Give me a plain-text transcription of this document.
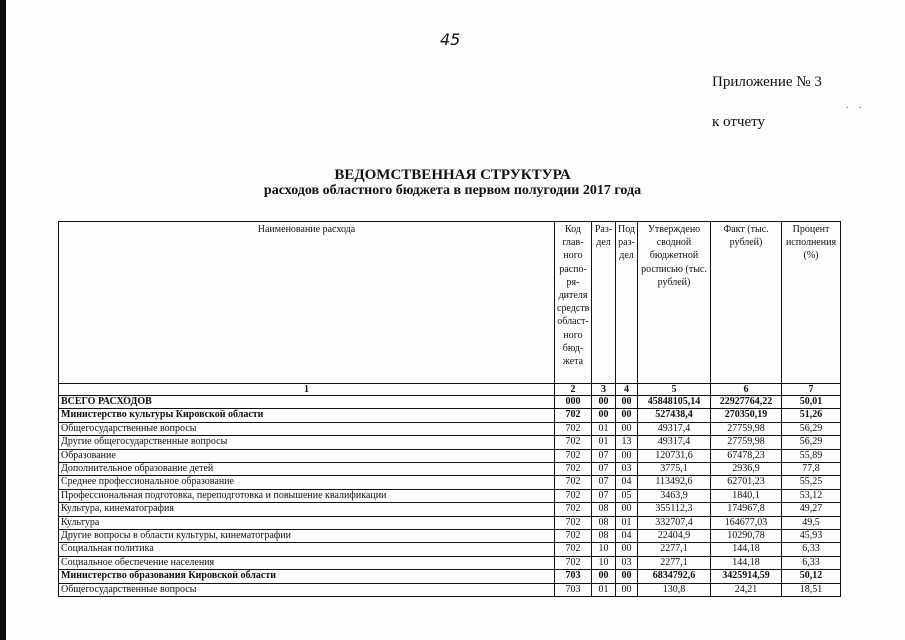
45
Приложение № 3
. .
к отчету
ВЕДОМСТВЕННАЯ СТРУКТУРА
расходов областного бюджета в первом полугодии 2017 года
Наименование расхода	Код глав- ного распо- ря- дителя средств област- ного бюд- жета	Раз- дел	Под раз- дел	Утверждено сводной бюджетной росписью (тыс. рублей)	Факт (тыс. рублей)	Процент исполнения (%)
1	2	3	4	5	6	7
ВСЕГО РАСХОДОВ	000	00	00	45848105,14	22927764,22	50,01
Министерство культуры Кировской области	702	00	00	527438,4	270350,19	51,26
Общегосударственные вопросы	702	01	00	49317,4	27759,98	56,29
Другие общегосударственные вопросы	702	01	13	49317,4	27759,98	56,29
Образование	702	07	00	120731,6	67478,23	55,89
Дополнительное образование детей	702	07	03	3775,1	2936,9	77,8
Среднее профессиональное образование	702	07	04	113492,6	62701,23	55,25
Профессиональная подготовка, переподготовка и повышение квалификации	702	07	05	3463,9	1840,1	53,12
Культура, кинематография	702	08	00	355112,3	174967,8	49,27
Культура	702	08	01	332707,4	164677,03	49,5
Другие вопросы в области культуры, кинематографии	702	08	04	22404,9	10290,78	45,93
Социальная политика	702	10	00	2277,1	144,18	6,33
Социальное обеспечение населения	702	10	03	2277,1	144,18	6,33
Министерство образования Кировской области	703	00	00	6834792,6	3425914,59	50,12
Общегосударственные вопросы	703	01	00	130,8	24,21	18,51
